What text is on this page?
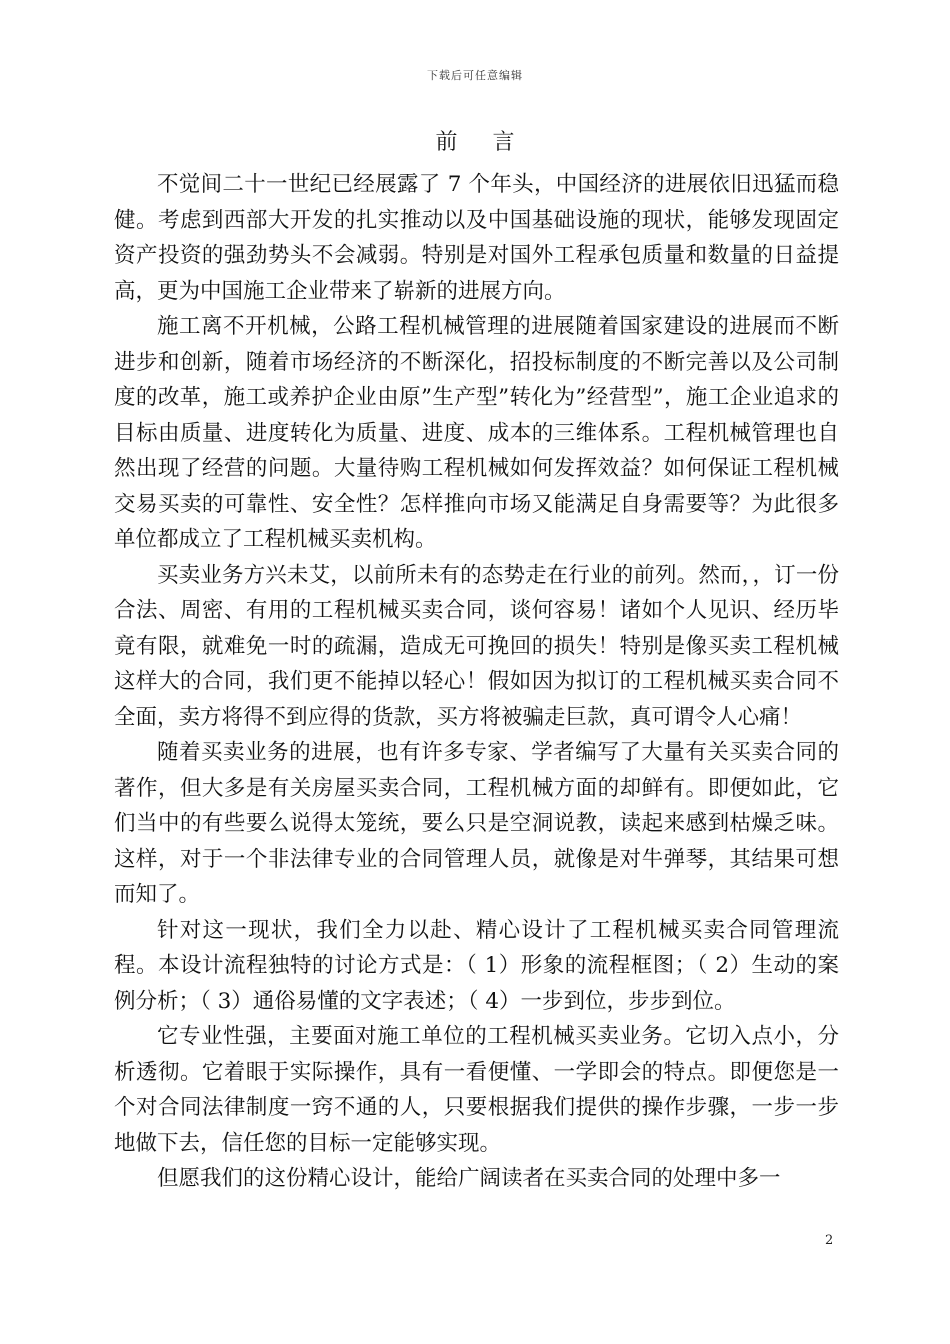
下载后可任意编辑
前 言

不觉间二十一世纪已经展露了 7 个年头，中国经济的进展依旧迅猛而稳健。考虑到西部大开发的扎实推动以及中国基础设施的现状，能够发现固定资产投资的强劲势头不会减弱。特别是对国外工程承包质量和数量的日益提高，更为中国施工企业带来了崭新的进展方向。

施工离不开机械，公路工程机械管理的进展随着国家建设的进展而不断进步和创新，随着市场经济的不断深化，招投标制度的不断完善以及公司制度的改革，施工或养护企业由原”生产型”转化为”经营型”，施工企业追求的目标由质量、进度转化为质量、进度、成本的三维体系。工程机械管理也自然出现了经营的问题。大量待购工程机械如何发挥效益？如何保证工程机械交易买卖的可靠性、安全性？怎样推向市场又能满足自身需要等？为此很多单位都成立了工程机械买卖机构。

买卖业务方兴未艾，以前所未有的态势走在行业的前列。然而，，订一份合法、周密、有用的工程机械买卖合同，谈何容易！诸如个人见识、经历毕竟有限，就难免一时的疏漏，造成无可挽回的损失！特别是像买卖工程机械这样大的合同，我们更不能掉以轻心！假如因为拟订的工程机械买卖合同不全面，卖方将得不到应得的货款，买方将被骗走巨款，真可谓令人心痛！

随着买卖业务的进展，也有许多专家、学者编写了大量有关买卖合同的著作，但大多是有关房屋买卖合同，工程机械方面的却鲜有。即便如此，它们当中的有些要么说得太笼统，要么只是空洞说教，读起来感到枯燥乏味。这样，对于一个非法律专业的合同管理人员，就像是对牛弹琴，其结果可想而知了。

针对这一现状，我们全力以赴、精心设计了工程机械买卖合同管理流程。本设计流程独特的讨论方式是：（ 1）形象的流程框图；（ 2）生动的案例分析；（ 3）通俗易懂的文字表述；（ 4）一步到位，步步到位。

它专业性强，主要面对施工单位的工程机械买卖业务。它切入点小，分析透彻。它着眼于实际操作，具有一看便懂、一学即会的特点。即便您是一个对合同法律制度一窍不通的人，只要根据我们提供的操作步骤，一步一步地做下去，信任您的目标一定能够实现。

但愿我们的这份精心设计，能给广阔读者在买卖合同的处理中多一

2
